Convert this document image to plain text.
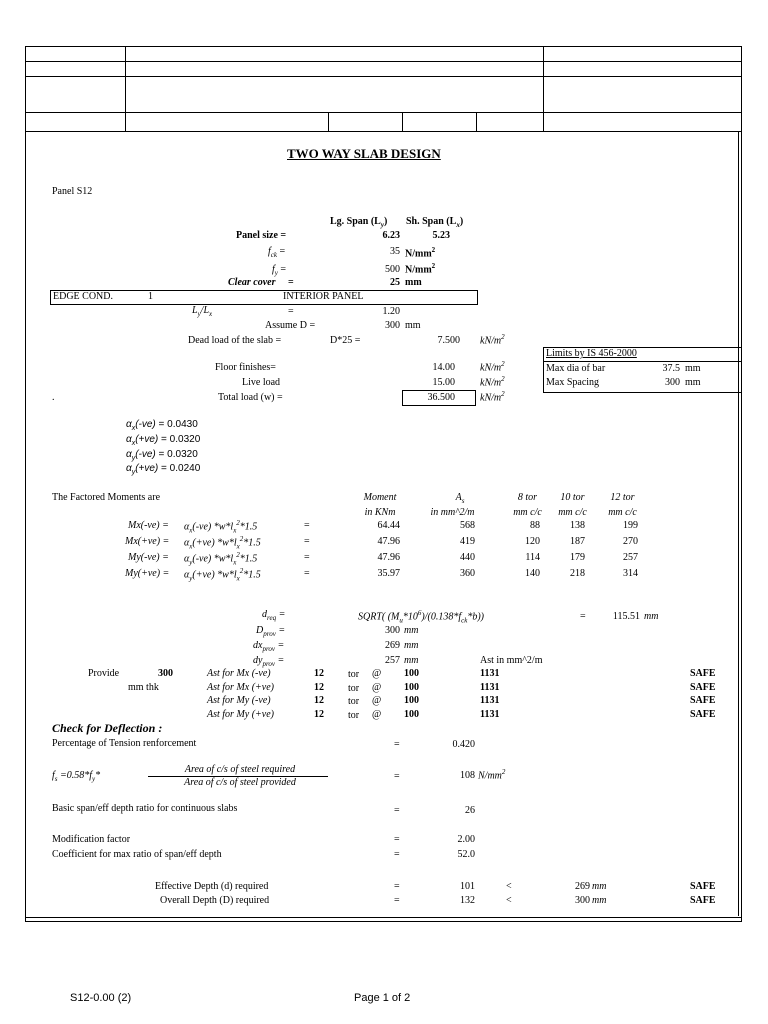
TWO WAY SLAB DESIGN
Panel S12
Lg. Span $(L_y)$ Sh. Span $(L_x)$
Panel size =	6.23	5.23
$f_{ck}$ =	35 $N/mm^2$
$f_y$ =	500 $N/mm^2$
Clear cover =	25 mm
EDGE COND.	1	INTERIOR PANEL
$L_y/L_x$	=	1.20
Assume D =	300 mm
Dead load of the slab =	D*25 =	7.500 $kN/m^2$
Floor finishes=	14.00	$kN/m^2$
Live load	15.00	$kN/m^2$
.	Total load (w) =	36.500	$kN/m^2$
Limits by IS 456-2000
Max dia of bar	37.5 mm
Max Spacing	300 mm
$\alpha_x(-ve) = 0.0430$
$\alpha_x(+ve) = 0.0320$
$\alpha_y(-ve) = 0.0320$
$\alpha_y(+ve) = 0.0240$
The Factored Moments are	Moment	$A_s$	8 tor	10 tor	12 tor
in KNm	in mm^2/m	mm c/c	mm c/c	mm c/c
$Mx(-ve) = \alpha_x(-ve)$ $*w*l_x^2*1.5$	=	64.44	568	88	138	199
$Mx(+ve) = \alpha_x(+ve)$ $*w*l_x^2*1.5$	=	47.96	419	120	187	270
$My(-ve) = \alpha_y(-ve)$ $*w*l_x^2*1.5$	=	47.96	440	114	179	257
$My(+ve) = \alpha_y(+ve)$ $*w*l_x^2*1.5$	=	35.97	360	140	218	314
$d_{req}$ =	SQRT( $(M_u*10^6)/(0.138*f_{ck}*b)$)	=	115.51 mm
$D_{prov}$ =	300 mm
$dx_{prov}$ =	269 mm
$dy_{prov}$ =	257 mm	Ast in mm^2/m
Provide	300
mm thk
Ast for Mx (-ve)	12 tor @ 100	1131	SAFE
Ast for Mx (+ve)	12 tor @ 100	1131	SAFE
Ast for My (-ve)	12 tor @ 100	1131	SAFE
Ast for My (+ve)	12 tor @ 100	1131	SAFE
Check for Deflection :
Percentage of Tension renforcement	=	0.420
$f_s =0.58*f_y*$
Area of c/s of steel required
Area of c/s of steel provided
=	108 $N/mm^2$
Basic span/eff depth ratio for continuous slabs	=	26
Modification factor	=	2.00
Coefficient for max ratio of span/eff depth	=	52.0
Effective Depth (d) required	=	101	<	269 mm	SAFE
Overall Depth (D) required	=	132	<	300 mm	SAFE
S12-0.00 (2)	Page 1 of 2
